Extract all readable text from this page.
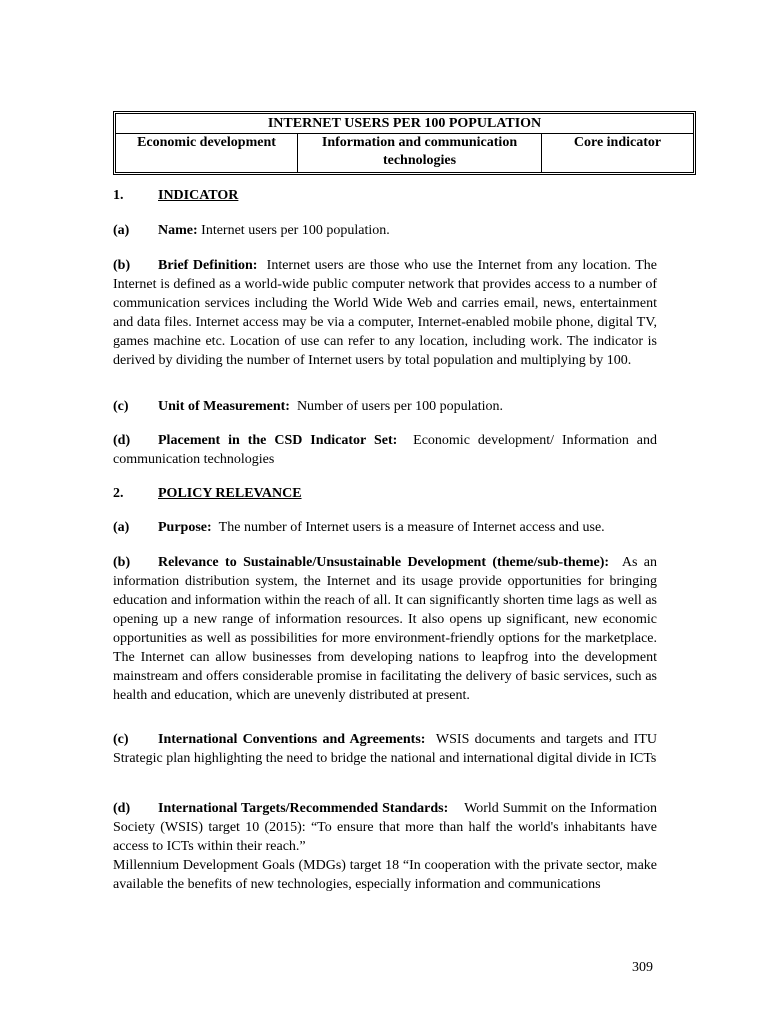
INTERNET USERS PER 100 POPULATION
Economic development	Information and communication technologies
Core indicator
1. INDICATOR
(a) Name: Internet users per 100 population.
(b) Brief Definition: Internet users are those who use the Internet from any location. The Internet is defined as a world-wide public computer network that provides access to a number of communication services including the World Wide Web and carries email, news, entertainment and data files. Internet access may be via a computer, Internet-enabled mobile phone, digital TV, games machine etc. Location of use can refer to any location, including work. The indicator is derived by dividing the number of Internet users by total population and multiplying by 100.
(c) Unit of Measurement: Number of users per 100 population.
(d) Placement in the CSD Indicator Set: Economic development/ Information and communication technologies
2. POLICY RELEVANCE
(a) Purpose: The number of Internet users is a measure of Internet access and use.
(b) Relevance to Sustainable/Unsustainable Development (theme/sub-theme): As an information distribution system, the Internet and its usage provide opportunities for bringing education and information within the reach of all. It can significantly shorten time lags as well as opening up a new range of information resources. It also opens up significant, new economic opportunities as well as possibilities for more environment-friendly options for the marketplace. The Internet can allow businesses from developing nations to leapfrog into the development mainstream and offers considerable promise in facilitating the delivery of basic services, such as health and education, which are unevenly distributed at present.
(c) International Conventions and Agreements: WSIS documents and targets and ITU Strategic plan highlighting the need to bridge the national and international digital divide in ICTs
(d) International Targets/Recommended Standards: World Summit on the Information Society (WSIS) target 10 (2015): “To ensure that more than half the world's inhabitants have access to ICTs within their reach.”
Millennium Development Goals (MDGs) target 18 “In cooperation with the private sector, make available the benefits of new technologies, especially information and communications
309
